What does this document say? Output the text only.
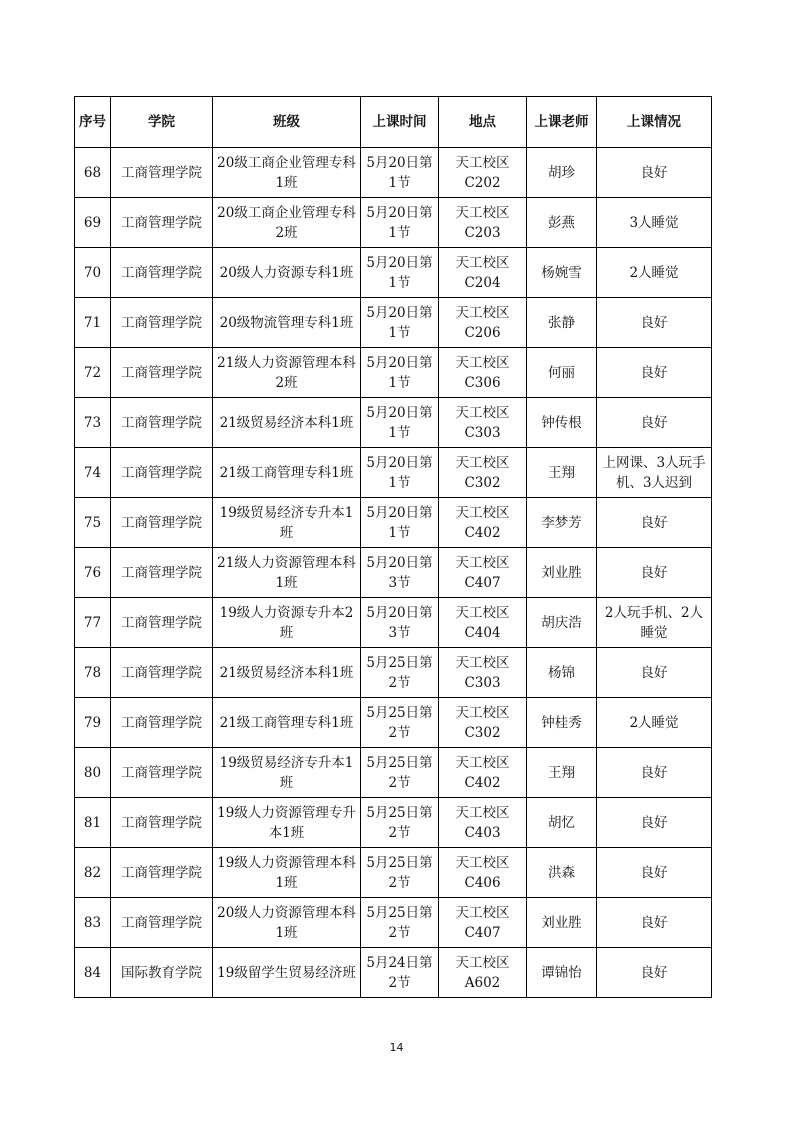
序号	学院	班级	上课时间	地点	上课老师	上课情况
68	工商管理学院	20级工商企业管理专科1班	5月20日第1节	天工校区C202	胡珍	良好
69	工商管理学院	20级工商企业管理专科2班	5月20日第1节	天工校区C203	彭燕	3人睡觉
70	工商管理学院	20级人力资源专科1班	5月20日第1节	天工校区C204	杨婉雪	2人睡觉
71	工商管理学院	20级物流管理专科1班	5月20日第1节	天工校区C206	张静	良好
72	工商管理学院	21级人力资源管理本科2班	5月20日第1节	天工校区C306	何丽	良好
73	工商管理学院	21级贸易经济本科1班	5月20日第1节	天工校区C303	钟传根	良好
74	工商管理学院	21级工商管理专科1班	5月20日第1节	天工校区C302	王翔	上网课、3人玩手机、3人迟到
75	工商管理学院	19级贸易经济专升本1班	5月20日第1节	天工校区C402	李梦芳	良好
76	工商管理学院	21级人力资源管理本科1班	5月20日第3节	天工校区C407	刘业胜	良好
77	工商管理学院	19级人力资源专升本2班	5月20日第3节	天工校区C404	胡庆浩	2人玩手机、2人睡觉
78	工商管理学院	21级贸易经济本科1班	5月25日第2节	天工校区C303	杨锦	良好
79	工商管理学院	21级工商管理专科1班	5月25日第2节	天工校区C302	钟桂秀	2人睡觉
80	工商管理学院	19级贸易经济专升本1班	5月25日第2节	天工校区C402	王翔	良好
81	工商管理学院	19级人力资源管理专升本1班	5月25日第2节	天工校区C403	胡忆	良好
82	工商管理学院	19级人力资源管理本科1班	5月25日第2节	天工校区C406	洪森	良好
83	工商管理学院	20级人力资源管理本科1班	5月25日第2节	天工校区C407	刘业胜	良好
84	国际教育学院	19级留学生贸易经济班	5月24日第2节	天工校区A602	谭锦怡	良好
14
